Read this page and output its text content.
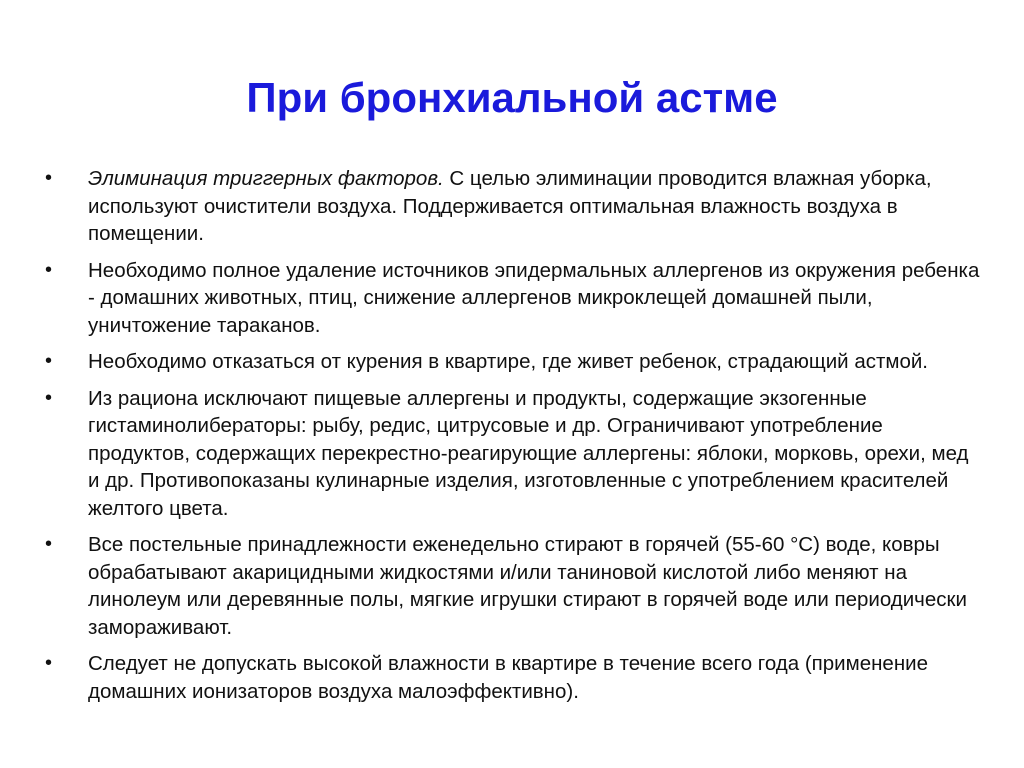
При бронхиальной астме
• Элиминация триггерных факторов. С целью элиминации проводится влажная уборка, используют очистители воздуха. Поддерживается оптимальная влажность воздуха в помещении.
• Необходимо полное удаление источников эпидермальных аллергенов из окружения ребенка - домашних животных, птиц, снижение аллергенов микроклещей домашней пыли, уничтожение тараканов.
• Необходимо отказаться от курения в квартире, где живет ребенок, страдающий астмой.
• Из рациона исключают пищевые аллергены и продукты, содержащие экзогенные гистаминолибераторы: рыбу, редис, цитрусовые и др. Ограничивают употребление продуктов, содержащих перекрестно-реагирующие аллергены: яблоки, морковь, орехи, мед и др. Противопоказаны кулинарные изделия, изготовленные с употреблением красителей желтого цвета.
• Все постельные принадлежности еженедельно стирают в горячей (55-60 °С) воде, ковры обрабатывают акарицидными жидкостями и/или таниновой кислотой либо меняют на линолеум или деревянные полы, мягкие игрушки стирают в горячей воде или периодически замораживают.
• Следует не допускать высокой влажности в квартире в течение всего года (применение домашних ионизаторов воздуха малоэффективно).
